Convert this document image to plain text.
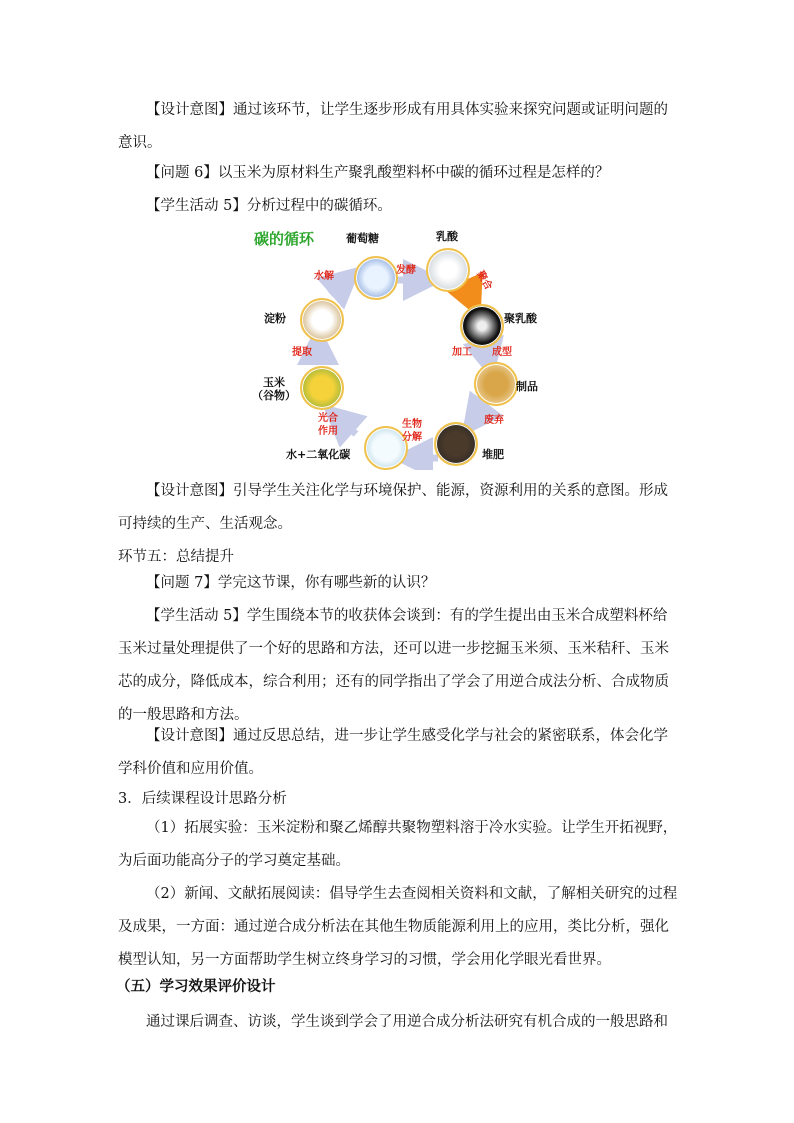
【设计意图】通过该环节，让学生逐步形成有用具体实验来探究问题或证明问题的意识。

【问题 6】以玉米为原材料生产聚乳酸塑料杯中碳的循环过程是怎样的？

【学生活动 5】分析过程中的碳循环。

碳的循环	葡萄糖	乳酸
聚乳酸
制品
堆肥
水+二氧化碳
玉米
（谷物）
淀粉
水解
发酵	聚合
加工 成型
废弃
生物
分解
光合
作用
提取

【设计意图】引导学生关注化学与环境保护、能源，资源利用的关系的意图。形成可持续的生产、生活观念。

环节五：总结提升

【问题 7】学完这节课，你有哪些新的认识？

【学生活动 5】学生围绕本节的收获体会谈到：有的学生提出由玉米合成塑料杯给玉米过量处理提供了一个好的思路和方法，还可以进一步挖掘玉米须、玉米秸秆、玉米芯的成分，降低成本，综合利用；还有的同学指出了学会了用逆合成法分析、合成物质的一般思路和方法。

【设计意图】通过反思总结，进一步让学生感受化学与社会的紧密联系，体会化学学科价值和应用价值。

3．后续课程设计思路分析

（1）拓展实验：玉米淀粉和聚乙烯醇共聚物塑料溶于冷水实验。让学生开拓视野，为后面功能高分子的学习奠定基础。

（2）新闻、文献拓展阅读：倡导学生去查阅相关资料和文献，了解相关研究的过程及成果，一方面：通过逆合成分析法在其他生物质能源利用上的应用，类比分析，强化模型认知，另一方面帮助学生树立终身学习的习惯，学会用化学眼光看世界。

（五）学习效果评价设计

通过课后调查、访谈，学生谈到学会了用逆合成分析法研究有机合成的一般思路和
